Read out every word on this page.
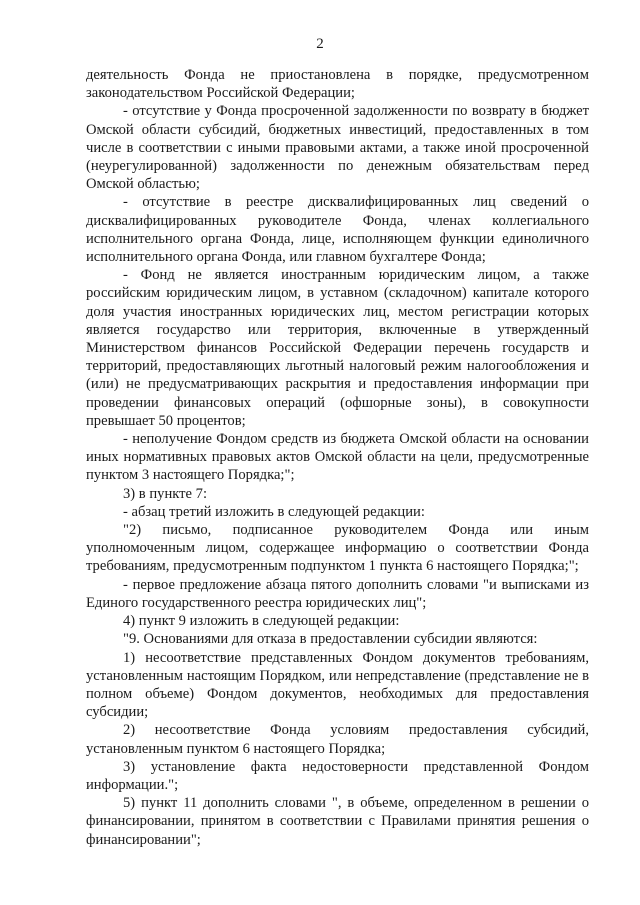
2

деятельность Фонда не приостановлена в порядке, предусмотренном законодательством Российской Федерации;

- отсутствие у Фонда просроченной задолженности по возврату в бюджет Омской области субсидий, бюджетных инвестиций, предоставленных в том числе в соответствии с иными правовыми актами, а также иной просроченной (неурегулированной) задолженности по денежным обязательствам перед Омской областью;

- отсутствие в реестре дисквалифицированных лиц сведений о дисквалифицированных руководителе Фонда, членах коллегиального исполнительного органа Фонда, лице, исполняющем функции единоличного исполнительного органа Фонда, или главном бухгалтере Фонда;

- Фонд не является иностранным юридическим лицом, а также российским юридическим лицом, в уставном (складочном) капитале которого доля участия иностранных юридических лиц, местом регистрации которых является государство или территория, включенные в утвержденный Министерством финансов Российской Федерации перечень государств и территорий, предоставляющих льготный налоговый режим налогообложения и (или) не предусматривающих раскрытия и предоставления информации при проведении финансовых операций (офшорные зоны), в совокупности превышает 50 процентов;

- неполучение Фондом средств из бюджета Омской области на основании иных нормативных правовых актов Омской области на цели, предусмотренные пунктом 3 настоящего Порядка;";

3) в пункте 7:

- абзац третий изложить в следующей редакции:

"2) письмо, подписанное руководителем Фонда или иным уполномоченным лицом, содержащее информацию о соответствии Фонда требованиям, предусмотренным подпунктом 1 пункта 6 настоящего Порядка;";

- первое предложение абзаца пятого дополнить словами "и выписками из Единого государственного реестра юридических лиц";

4) пункт 9 изложить в следующей редакции:

"9. Основаниями для отказа в предоставлении субсидии являются:

1) несоответствие представленных Фондом документов требованиям, установленным настоящим Порядком, или непредставление (представление не в полном объеме) Фондом документов, необходимых для предоставления субсидии;

2) несоответствие Фонда условиям предоставления субсидий, установленным пунктом 6 настоящего Порядка;

3) установление факта недостоверности представленной Фондом информации.";

5) пункт 11 дополнить словами ", в объеме, определенном в решении о финансировании, принятом в соответствии с Правилами принятия решения о финансировании";
